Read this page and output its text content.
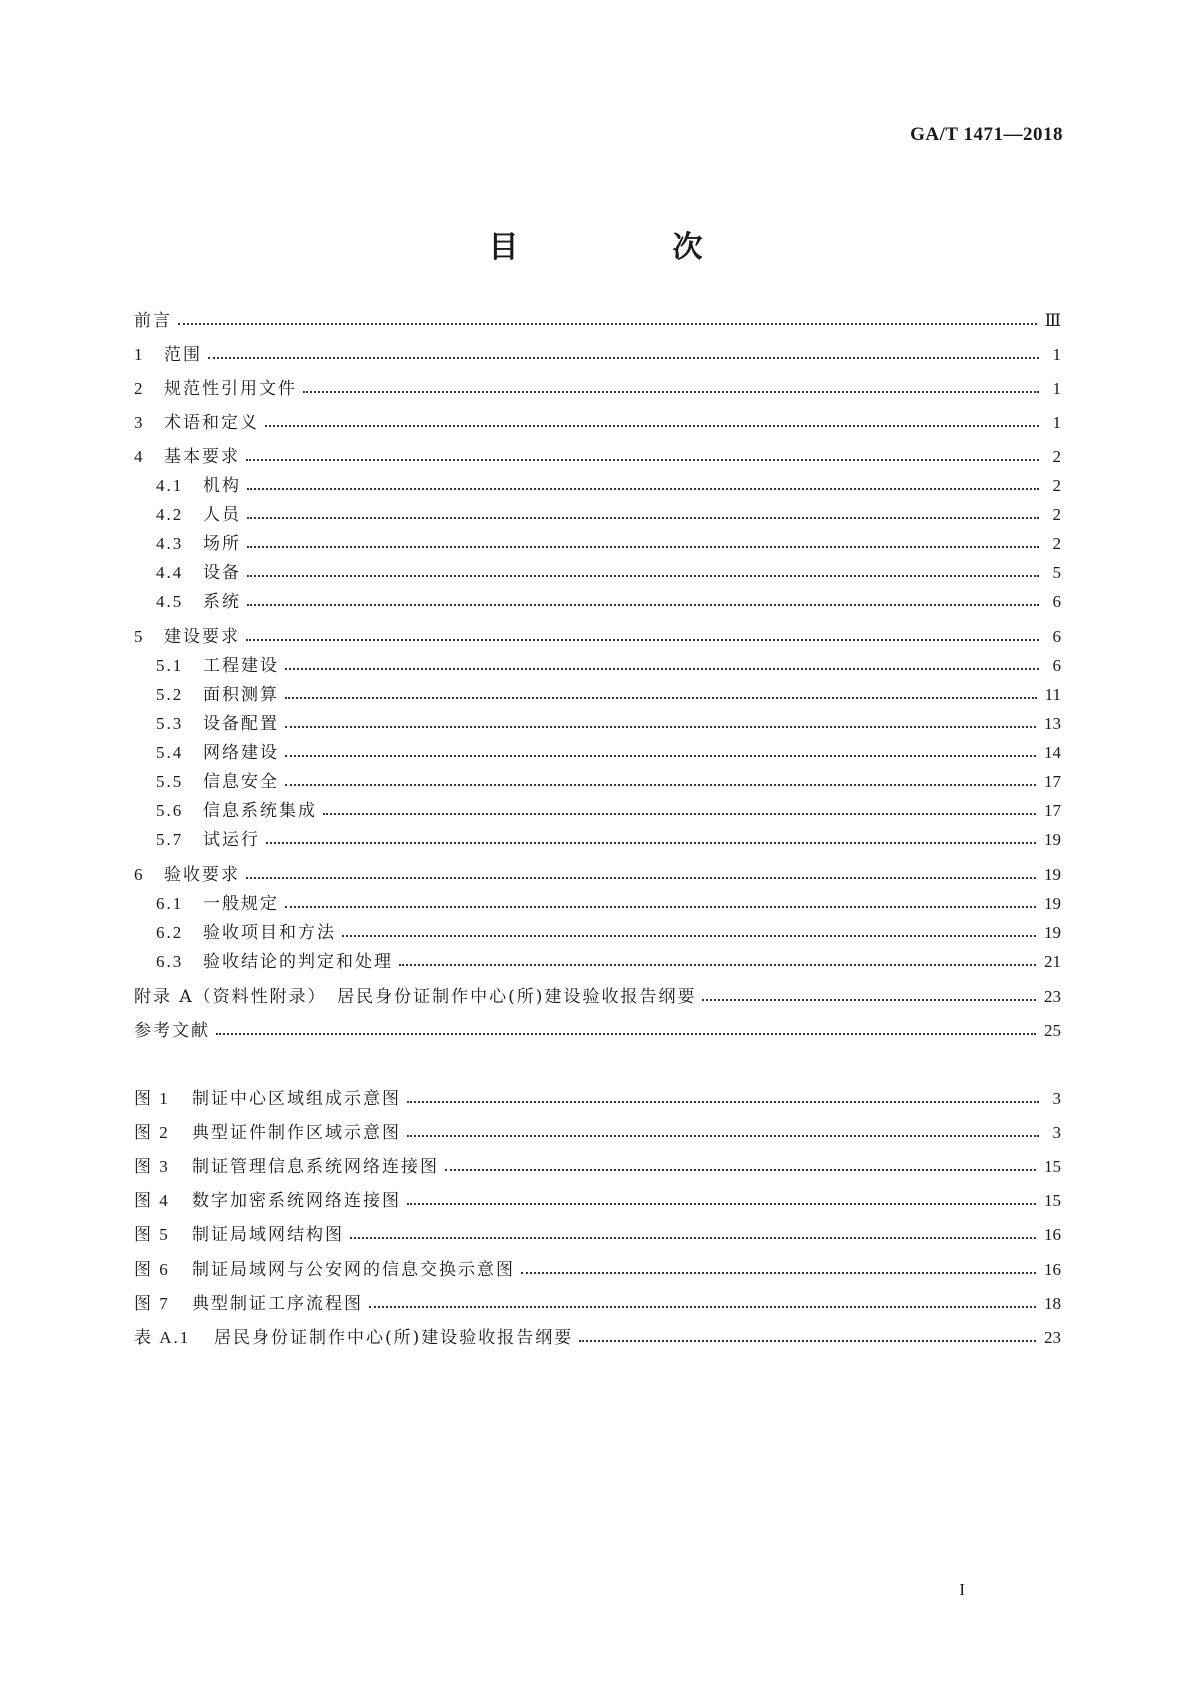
GA/T 1471—2018
目　次
前言	Ⅲ
1	范围	1
2	规范性引用文件	1
3	术语和定义	1
4	基本要求	2
4.1	机构	2
4.2	人员	2
4.3	场所	2
4.4	设备	5
4.5	系统	6
5	建设要求	6
5.1	工程建设	6
5.2	面积测算	11
5.3	设备配置	13
5.4	网络建设	14
5.5	信息安全	17
5.6	信息系统集成	17
5.7	试运行	19
6	验收要求	19
6.1	一般规定	19
6.2	验收项目和方法	19
6.3	验收结论的判定和处理	21
附录 A（资料性附录）　居民身份证制作中心(所)建设验收报告纲要	23
参考文献	25
图 1	制证中心区域组成示意图	3
图 2	典型证件制作区域示意图	3
图 3	制证管理信息系统网络连接图	15
图 4	数字加密系统网络连接图	15
图 5	制证局域网结构图	16
图 6	制证局域网与公安网的信息交换示意图	16
图 7	典型制证工序流程图	18
表 A.1	居民身份证制作中心(所)建设验收报告纲要	23
I
